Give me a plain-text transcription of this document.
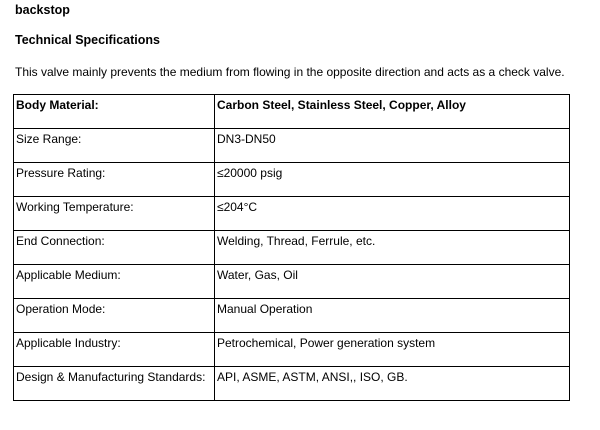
backstop
Technical Specifications
This valve mainly prevents the medium from flowing in the opposite direction and acts as a check valve.
Body Material:	Carbon Steel, Stainless Steel, Copper, Alloy
Size Range:	DN3-DN50
Pressure Rating:	≤20000 psig
Working Temperature:	≤204°C
End Connection:	Welding, Thread, Ferrule, etc.
Applicable Medium:	Water, Gas, Oil
Operation Mode:	Manual Operation
Applicable Industry:	Petrochemical, Power generation system
Design & Manufacturing Standards:	API, ASME, ASTM, ANSI,, ISO, GB.
